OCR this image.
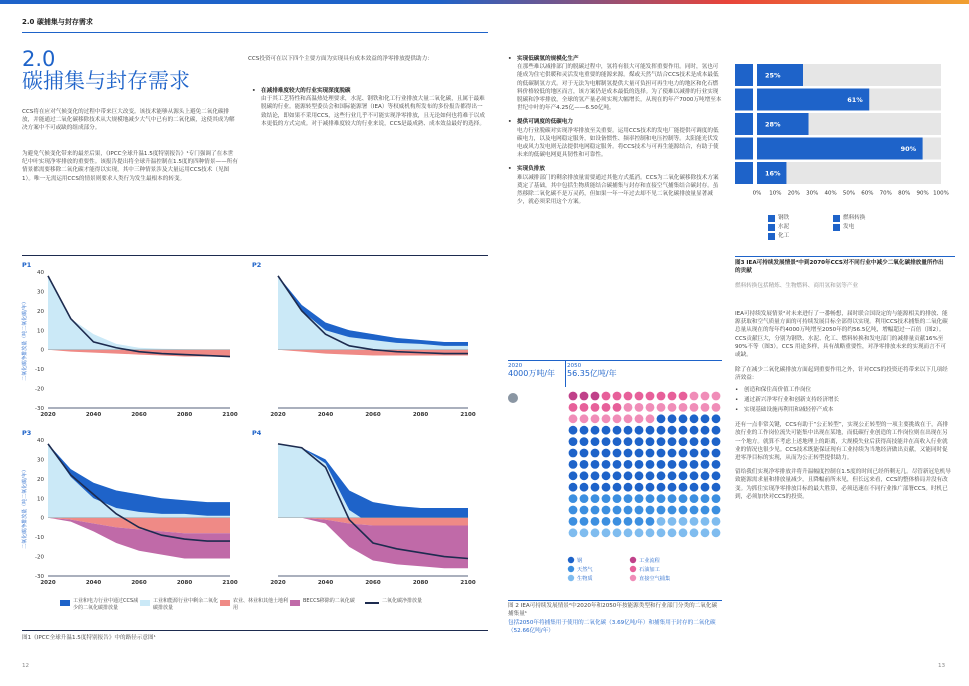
2.0 碳捕集与封存需求
2.0
碳捕集与封存需求
CCS将在应对气候变化的过程中带来巨大改变。该技术能够从源头上避免二氧化碳排放，并能通过二氧化碳移除技术从大规模地减少大气中已有的二氧化碳，这使其成为解决方案中不可或缺的组成部分。
为避免气候变化带来的最差后果，《IPCC全球升温1.5度特别报告》¹专门强调了在本世纪中叶实现净零排放的重要性。该报告提出将全球升温控制在1.5度的四种情景——所有情景都需要移除二氧化碳才能得以实现，其中三种情景涉及大量运用CCS技术（见图1）。唯一无需运用CCS的情景则要求人类行为发生最根本的转变。
CCS投资可在以下四个主要方面为实现具有成本效益的净零排放提供助力：
• 在减排难度较大的行业实现深度脱碳
由于其工艺特性和高温热处理要求，水泥、钢铁和化工行业排放大量二氧化碳，且属于最难脱碳的行业。能源转型委员会和国际能源署（IEA）等权威机构所发布的多份报告都得出一致结论，即如果不采用CCS，这些行业几乎不可能实现净零排放，且无论如何也将难于以成本更低的方式完成。对于减排难度较大的行业来说，CCS是最成熟、成本效益最好的选择。
• 实现低碳氢的规模化生产
在那些难以减排部门的脱碳过程中，氢将有很大可能发挥重要作用。同时，氢也可能成为住宅供暖和灵活发电重要的能源来源。煤或天然气结合CCS技术是成本最低的低碳制氢方式。对于无法为电解制氢提供大量可负担可再生电力的地区和化石燃料价格较低的地区而言，该方案仍是成本最低的选择。为了使难以减排的行业实现脱碳和净零排放，全球的氢产量必须实现大幅增长，从现在的年产7000万吨增至本世纪中叶的年产4.25亿——6.50亿吨。
• 提供可调度的低碳电力
电力行业脱碳对实现净零排放至关重要。运用CCS技术的发电厂能提供可调度的低碳电力，以及电网稳定服务，如设备惯性、频率控制和电压控制等。太阳能光伏发电或风力发电则无法提供电网稳定服务。将CCS技术与可再生能源结合，有助于使未来的低碳电网更具韧性和可靠性。
• 实现负排放
难以减排部门的剩余排放量需要通过其他方式抵消。CCS为二氧化碳移除技术方案奠定了基础，其中包括生物质能结合碳捕集与封存和直接空气捕集结合碳封存。虽然移除二氧化碳不是万灵药，但如果一年一年过去却不见二氧化碳排放量显著减少，就必须采用这个方案。
25%
61%
28%
90%
16%
0% 10% 20% 30% 40% 50% 60% 70% 80% 90% 100%
钢铁	燃料转换
水泥	发电
化工
图3 IEA可持续发展情景²中到2070年CCS对不同行业中减少二氧化碳排放量所作出的贡献
燃料转换包括精炼、生物燃料、商用氢和氨等产业
IEA可持续发展情景²对未来进行了一番畅想，届时联合国设定的与能源相关的排放、能源获取和空气质量方面的可持续发展目标全部得以实现。利用CCS技术捕集的二氧化碳总量从现在的每年约4000万吨增至2050年的约56.5亿吨，增幅超过一百倍（图2）。CCS贡献巨大，分别为钢铁、水泥、化工、燃料转换和发电部门的减排量贡献16%至90%不等（图3）。CCS 用途多样，具有战略重要性，对净零排放未来的实现而言不可或缺。
除了在减少二氧化碳排放方面起到重要作用之外，针对CCS的投资还将带来以下几项经济效益：
• 创造和保住高价值工作岗位
• 通过新兴净零行业和创新支持经济增长
• 实现基础设施再利用和减轻停产成本
还有一点非常关键，CCS有助于“公正转型”，实现公正转型的一项主要挑战在于，高排放行业的工作岗位流失可能集中出现在某地，而低碳行业创造的工作岗位则在出现在另一个地方。就算不考虑上述地理上的距离，大规模失业后获得高技能并在高收入行业就业的情况也很少见。CCS技术既能保证现有工业持续为当地经济做出贡献，又能同时促进零净目标的实现，从而为公正转型提供助力。
留给我们实现净零排放并将升温幅度控制在1.5度的时间已经所剩无几。尽管新冠危机导致能源需求量和排放量减少，且降幅前所未见，但长远来看，CCS的整体格局并没有改变。为抓住实现净零排放目标的最大胜算，必须迅速在不同行业推广部署CCS。时机已到，必须加快对CCS的投资。
2020
4000万吨/年
2050
56.35亿吨/年
钢
天然气
生物质
工业流程
石油加工
直接空气捕集
图 2 IEA可持续发展情景²中2020年和2050年按能源类型和行业部门分类的二氧化碳捕集量¹
包括2050年将捕集用于使用的二氧化碳（3.69亿吨/年）和捕集用于封存的二氧化碳（52.66亿吨/年）
P1
40
30
20
10
0
-10
-20
-30
二氧化碳净排放量（吨二氧化碳/年）
2020	2040	2060	2080	2100
P2
2020	2040	2060	2080	2100
P3
40
30
20
10
0
-10
-20
-30
二氧化碳净排放量（吨二氧化碳/年）
2020	2040	2060	2080	2100
P4
2020	2040	2060	2080	2100
工业和电力行业中通过CCS减少的二氧化碳排放量
工业和能源行业中剩余二氧化碳排放量
农业、林业和其他土地利用
BECCS移除的二氧化碳	二氧化碳净排放量
图1《IPCC全球升温1.5度特别报告》中的路径示意图¹
12	13
